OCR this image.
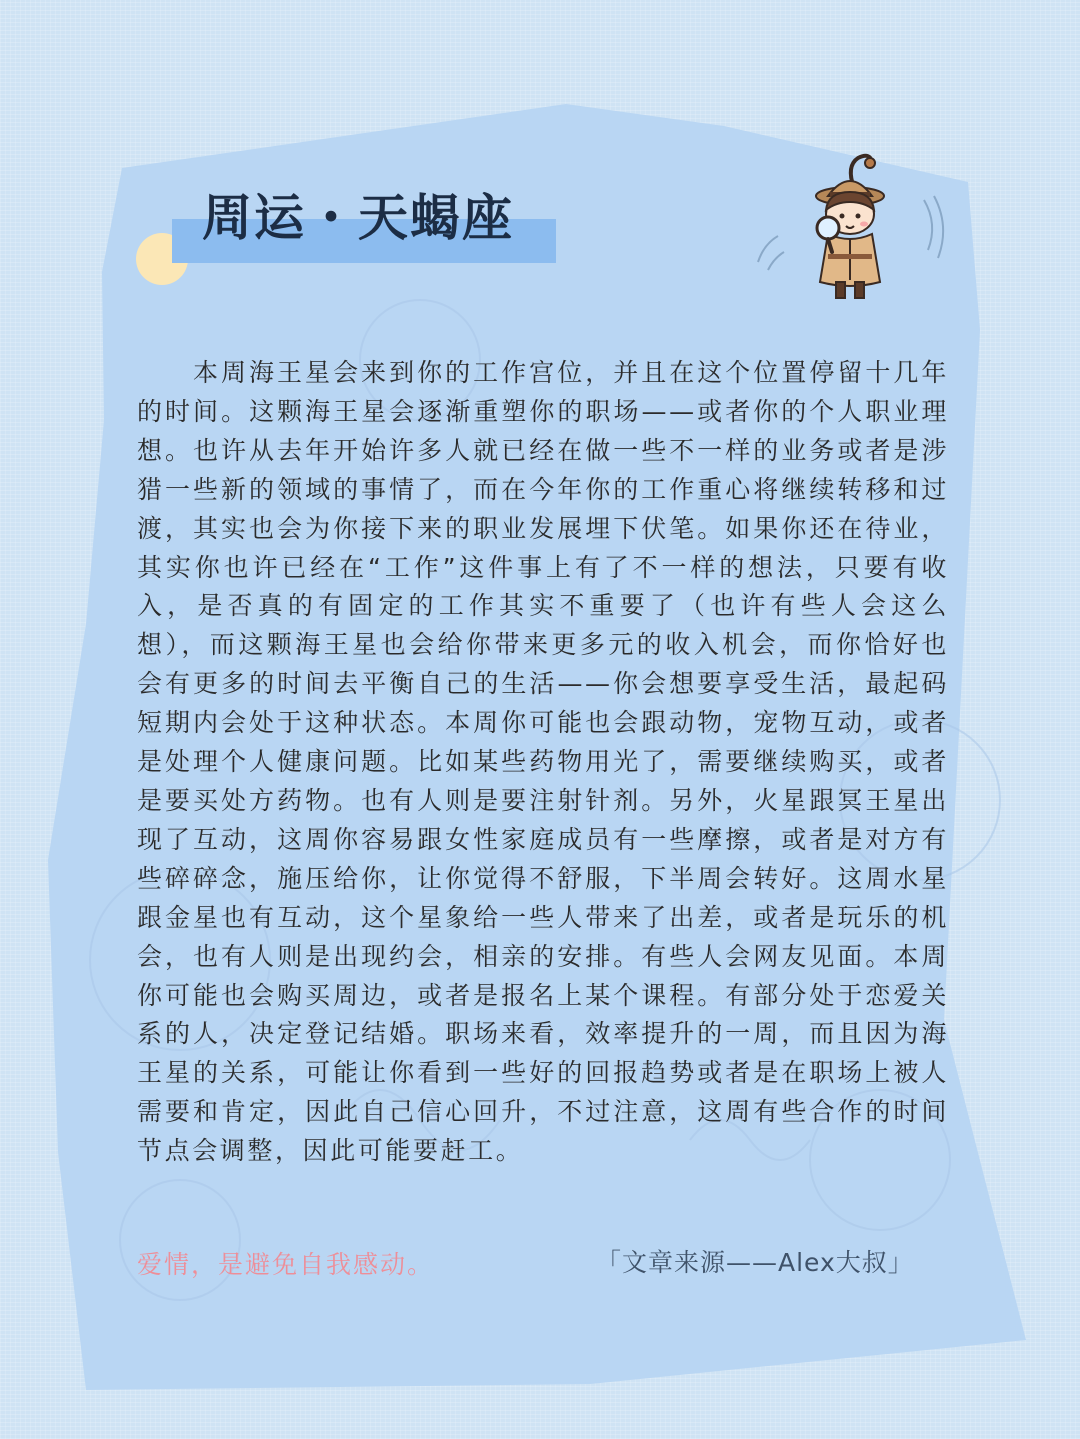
周运・天蝎座

本周海王星会来到你的工作宫位，并且在这个位置停留十几年的时间。这颗海王星会逐渐重塑你的职场——或者你的个人职业理想。也许从去年开始许多人就已经在做一些不一样的业务或者是涉猎一些新的领域的事情了，而在今年你的工作重心将继续转移和过渡，其实也会为你接下来的职业发展埋下伏笔。如果你还在待业，其实你也许已经在“工作”这件事上有了不一样的想法，只要有收入，是否真的有固定的工作其实不重要了（也许有些人会这么想），而这颗海王星也会给你带来更多元的收入机会，而你恰好也会有更多的时间去平衡自己的生活——你会想要享受生活，最起码短期内会处于这种状态。本周你可能也会跟动物，宠物互动，或者是处理个人健康问题。比如某些药物用光了，需要继续购买，或者是要买处方药物。也有人则是要注射针剂。另外，火星跟冥王星出现了互动，这周你容易跟女性家庭成员有一些摩擦，或者是对方有些碎碎念，施压给你，让你觉得不舒服，下半周会转好。这周水星跟金星也有互动，这个星象给一些人带来了出差，或者是玩乐的机会，也有人则是出现约会，相亲的安排。有些人会网友见面。本周你可能也会购买周边，或者是报名上某个课程。有部分处于恋爱关系的人，决定登记结婚。职场来看，效率提升的一周，而且因为海王星的关系，可能让你看到一些好的回报趋势或者是在职场上被人需要和肯定，因此自己信心回升，不过注意，这周有些合作的时间节点会调整，因此可能要赶工。

爱情，是避免自我感动。	「文章来源——Alex大叔」
